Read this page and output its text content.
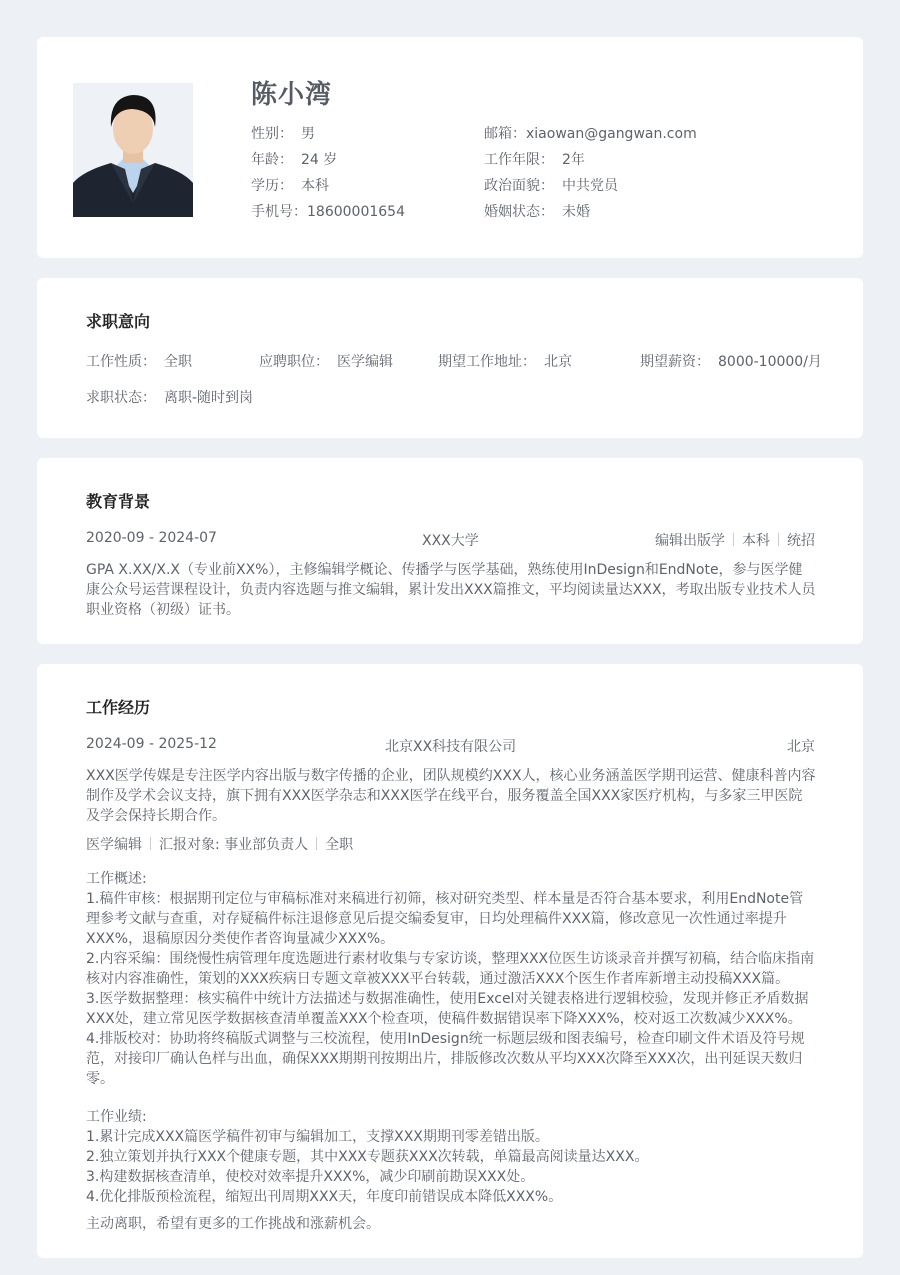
陈小湾
性别： 男
年龄： 24 岁
学历： 本科
手机号：18600001654
邮箱：xiaowan@gangwan.com
工作年限： 2年
政治面貌： 中共党员
婚姻状态： 未婚
求职意向
工作性质： 全职	应聘职位： 医学编辑	期望工作地址： 北京	期望薪资： 8000-10000/月
求职状态： 离职-随时到岗
教育背景
2020-09 - 2024-07	XXX大学	编辑出版学 本科 统招
GPA X.XX/X.X（专业前XX%），主修编辑学概论、传播学与医学基础，熟练使用InDesign和EndNote，参与医学健康公众号运营课程设计，负责内容选题与推文编辑，累计发出XXX篇推文，平均阅读量达XXX，考取出版专业技术人员职业资格（初级）证书。
工作经历
2024-09 - 2025-12	北京XX科技有限公司	北京
XXX医学传媒是专注医学内容出版与数字传播的企业，团队规模约XXX人，核心业务涵盖医学期刊运营、健康科普内容制作及学术会议支持，旗下拥有XXX医学杂志和XXX医学在线平台，服务覆盖全国XXX家医疗机构，与多家三甲医院及学会保持长期合作。
医学编辑 汇报对象: 事业部负责人 全职
工作概述:
1.稿件审核：根据期刊定位与审稿标准对来稿进行初筛，核对研究类型、样本量是否符合基本要求，利用EndNote管理参考文献与查重，对存疑稿件标注退修意见后提交编委复审，日均处理稿件XXX篇，修改意见一次性通过率提升XXX%，退稿原因分类使作者咨询量减少XXX%。
2.内容采编：围绕慢性病管理年度选题进行素材收集与专家访谈，整理XXX位医生访谈录音并撰写初稿，结合临床指南核对内容准确性，策划的XXX疾病日专题文章被XXX平台转载，通过激活XXX个医生作者库新增主动投稿XXX篇。
3.医学数据整理：核实稿件中统计方法描述与数据准确性，使用Excel对关键表格进行逻辑校验，发现并修正矛盾数据XXX处，建立常见医学数据核查清单覆盖XXX个检查项，使稿件数据错误率下降XXX%，校对返工次数减少XXX%。
4.排版校对：协助将终稿版式调整与三校流程，使用InDesign统一标题层级和图表编号，检查印刷文件术语及符号规范，对接印厂确认色样与出血，确保XXX期期刊按期出片，排版修改次数从平均XXX次降至XXX次，出刊延误天数归零。
工作业绩:
1.累计完成XXX篇医学稿件初审与编辑加工，支撑XXX期期刊零差错出版。
2.独立策划并执行XXX个健康专题，其中XXX专题获XXX次转载，单篇最高阅读量达XXX。
3.构建数据核查清单，使校对效率提升XXX%，减少印刷前勘误XXX处。
4.优化排版预检流程，缩短出刊周期XXX天，年度印前错误成本降低XXX%。
主动离职，希望有更多的工作挑战和涨薪机会。
